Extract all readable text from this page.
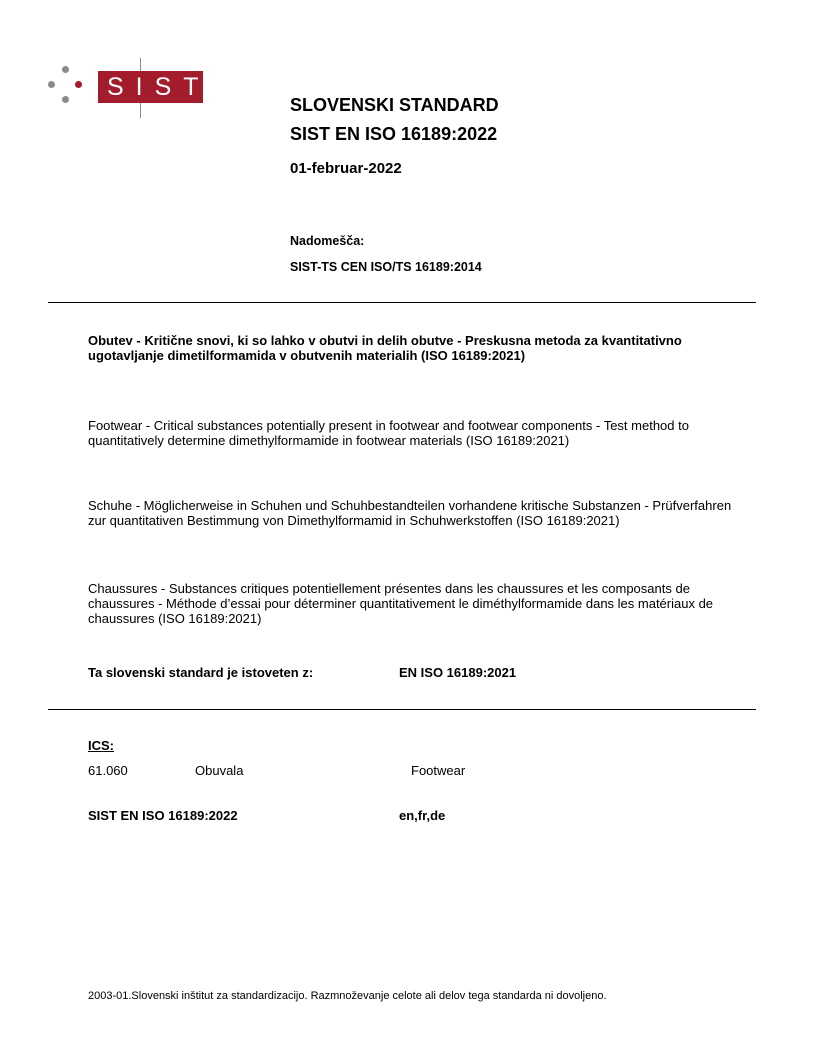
SIST
SLOVENSKI STANDARD
SIST EN ISO 16189:2022
01-februar-2022
Nadomešča:
SIST-TS CEN ISO/TS 16189:2014
Obutev - Kritične snovi, ki so lahko v obutvi in delih obutve - Preskusna metoda za kvantitativno ugotavljanje dimetilformamida v obutvenih materialih (ISO 16189:2021)
Footwear - Critical substances potentially present in footwear and footwear components - Test method to quantitatively determine dimethylformamide in footwear materials (ISO 16189:2021)
Schuhe - Möglicherweise in Schuhen und Schuhbestandteilen vorhandene kritische Substanzen - Prüfverfahren zur quantitativen Bestimmung von Dimethylformamid in Schuhwerkstoffen (ISO 16189:2021)
Chaussures - Substances critiques potentiellement présentes dans les chaussures et les composants de chaussures - Méthode d’essai pour déterminer quantitativement le diméthylformamide dans les matériaux de chaussures (ISO 16189:2021)
Ta slovenski standard je istoveten z:	EN ISO 16189:2021
ICS:
61.060	Obuvala	Footwear
SIST EN ISO 16189:2022	en,fr,de
2003-01.Slovenski inštitut za standardizacijo. Razmnoževanje celote ali delov tega standarda ni dovoljeno.
